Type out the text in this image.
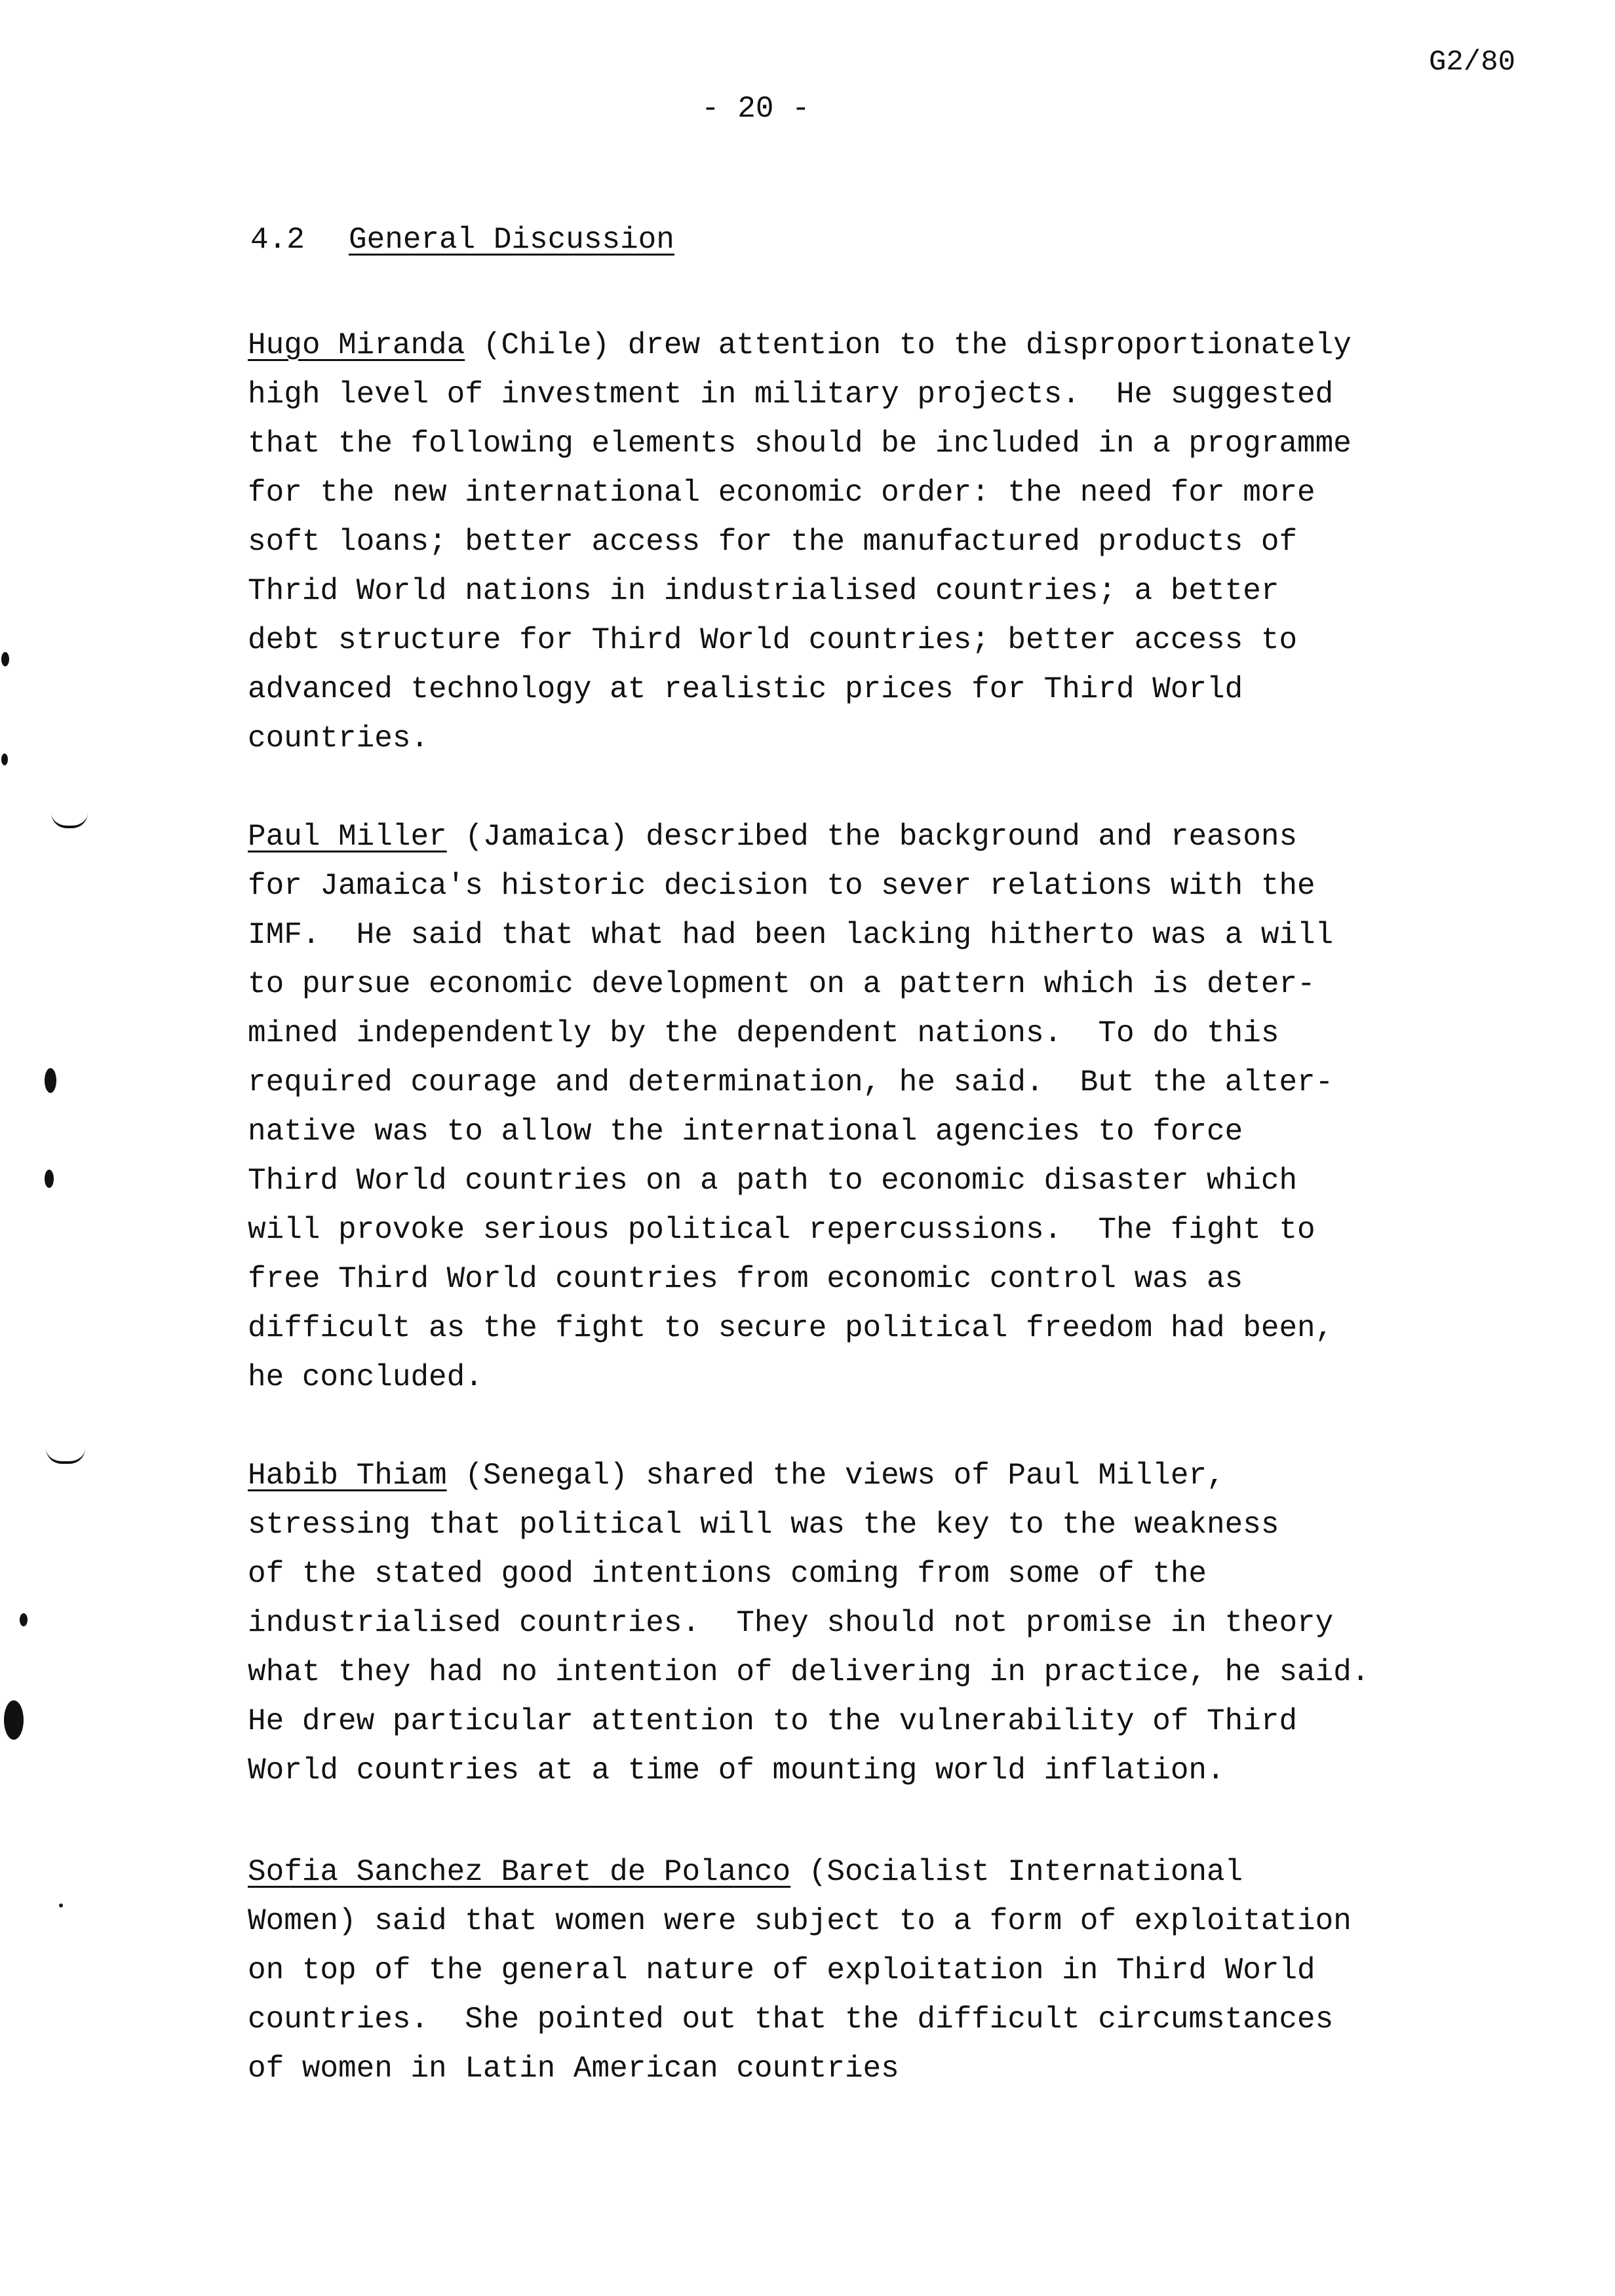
G2/80
- 20 -
4.2 General Discussion
Hugo Miranda (Chile) drew attention to the disproportionately
high level of investment in military projects.  He suggested
that the following elements should be included in a programme
for the new international economic order: the need for more
soft loans; better access for the manufactured products of
Thrid World nations in industrialised countries; a better
debt structure for Third World countries; better access to
advanced technology at realistic prices for Third World
countries.
Paul Miller (Jamaica) described the background and reasons
for Jamaica's historic decision to sever relations with the
IMF.  He said that what had been lacking hitherto was a will
to pursue economic development on a pattern which is deter-
mined independently by the dependent nations.  To do this
required courage and determination, he said.  But the alter-
native was to allow the international agencies to force
Third World countries on a path to economic disaster which
will provoke serious political repercussions.  The fight to
free Third World countries from economic control was as
difficult as the fight to secure political freedom had been,
he concluded.
Habib Thiam (Senegal) shared the views of Paul Miller,
stressing that political will was the key to the weakness
of the stated good intentions coming from some of the
industrialised countries.  They should not promise in theory
what they had no intention of delivering in practice, he said.
He drew particular attention to the vulnerability of Third
World countries at a time of mounting world inflation.
Sofia Sanchez Baret de Polanco (Socialist International
Women) said that women were subject to a form of exploitation
on top of the general nature of exploitation in Third World
countries.  She pointed out that the difficult circumstances
of women in Latin American countries
